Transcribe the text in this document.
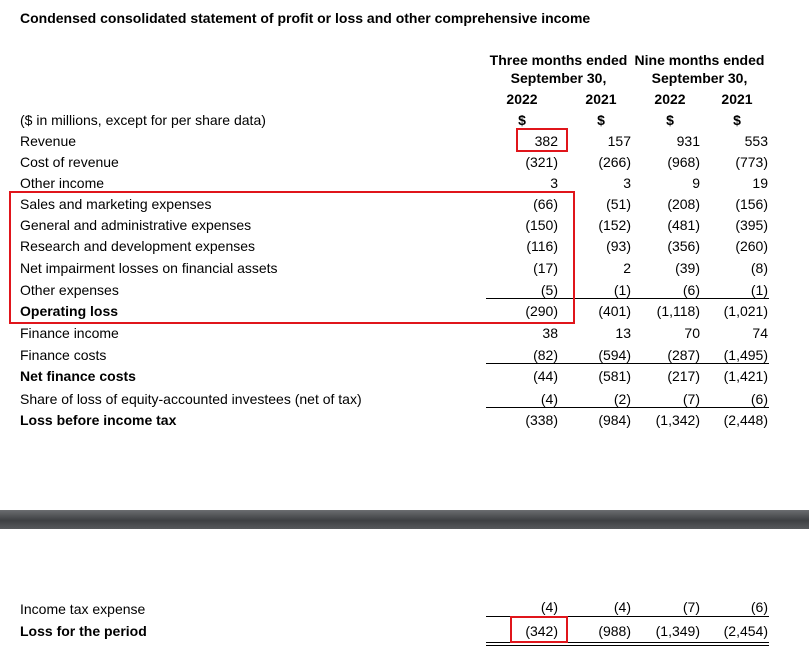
Condensed consolidated statement of profit or loss and other comprehensive income
Three months ended
September 30,
Nine months ended
September 30,
2022	2021	2022	2021
($ in millions, except for per share data)	$	$	$	$
Revenue	382	157	931	553
Cost of revenue	(321)	(266)	(968)	(773)
Other income	3	3	9	19
Sales and marketing expenses	(66)	(51)	(208)	(156)
General and administrative expenses	(150)	(152)	(481)	(395)
Research and development expenses	(116)	(93)	(356)	(260)
Net impairment losses on financial assets	(17)	2	(39)	(8)
Other expenses	(5)	(1)	(6)	(1)
Operating loss	(290)	(401)	(1,118)	(1,021)
Finance income	38	13	70	74
Finance costs	(82)	(594)	(287)	(1,495)
Net finance costs	(44)	(581)	(217)	(1,421)
Share of loss of equity-accounted investees (net of tax)	(4)	(2)	(7)	(6)
Loss before income tax	(338)	(984)	(1,342)	(2,448)
Income tax expense	(4)	(4)	(7)	(6)
Loss for the period	(342)	(988)	(1,349)	(2,454)
